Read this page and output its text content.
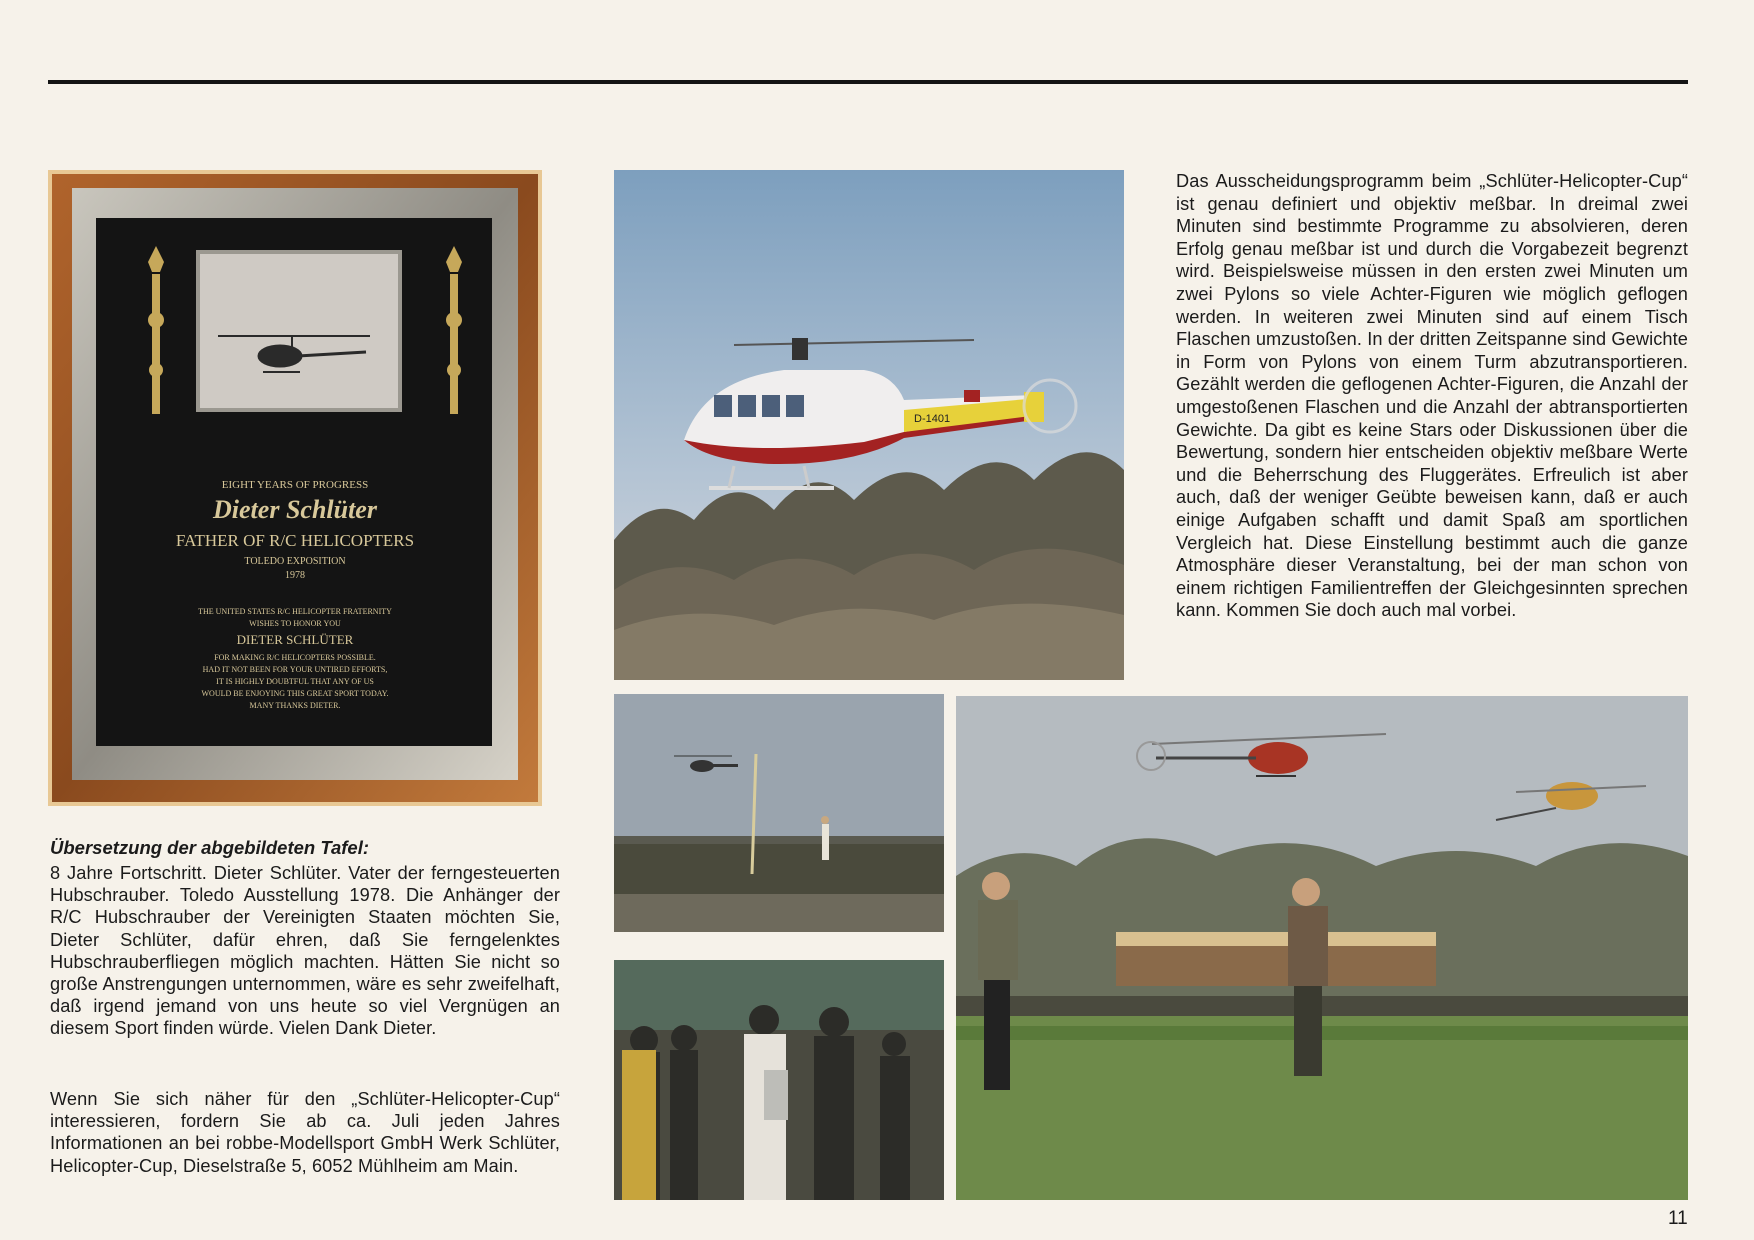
EIGHT YEARS OF PROGRESS
Dieter Schlüter
FATHER OF R/C HELICOPTERS
TOLEDO EXPOSITION
1978
THE UNITED STATES R/C HELICOPTER FRATERNITY
WISHES TO HONOR YOU
DIETER SCHLÜTER
FOR MAKING R/C HELICOPTERS POSSIBLE.
HAD IT NOT BEEN FOR YOUR UNTIRED EFFORTS,
IT IS HIGHLY DOUBTFUL THAT ANY OF US
WOULD BE ENJOYING THIS GREAT SPORT TODAY.
MANY THANKS DIETER.
D-1401

Das Ausscheidungsprogramm beim „Schlüter-Helicopter-Cup“ ist genau definiert und objektiv meßbar. In dreimal zwei Minuten sind bestimmte Programme zu absolvieren, deren Erfolg genau meßbar ist und durch die Vorgabezeit begrenzt wird. Beispielsweise müssen in den ersten zwei Minuten um zwei Pylons so viele Achter-Figuren wie möglich geflogen werden. In weiteren zwei Minuten sind auf einem Tisch Flaschen umzustoßen. In der dritten Zeitspanne sind Gewichte in Form von Pylons von einem Turm abzutransportieren. Gezählt werden die geflogenen Achter-Figuren, die Anzahl der umgestoßenen Flaschen und die Anzahl der abtransportierten Gewichte. Da gibt es keine Stars oder Diskussionen über die Bewertung, sondern hier entscheiden objektiv meßbare Werte und die Beherrschung des Fluggerätes. Erfreulich ist aber auch, daß der weniger Geübte beweisen kann, daß er auch einige Aufgaben schafft und damit Spaß am sportlichen Vergleich hat. Diese Einstellung bestimmt auch die ganze Atmosphäre dieser Veranstaltung, bei der man schon von einem richtigen Familientreffen der Gleichgesinnten sprechen kann. Kommen Sie doch auch mal vorbei.

Übersetzung der abgebildeten Tafel:

8 Jahre Fortschritt. Dieter Schlüter. Vater der ferngesteuerten Hubschrauber. Toledo Ausstellung 1978. Die Anhänger der R/C Hubschrauber der Vereinigten Staaten möchten Sie, Dieter Schlüter, dafür ehren, daß Sie ferngelenktes Hubschrauberfliegen möglich machten. Hätten Sie nicht so große Anstrengungen unternommen, wäre es sehr zweifelhaft, daß irgend jemand von uns heute so viel Vergnügen an diesem Sport finden würde. Vielen Dank Dieter.

Wenn Sie sich näher für den „Schlüter-Helicopter-Cup“ interessieren, fordern Sie ab ca. Juli jeden Jahres Informationen an bei robbe-Modellsport GmbH Werk Schlüter, Helicopter-Cup, Dieselstraße 5, 6052 Mühlheim am Main.

11
